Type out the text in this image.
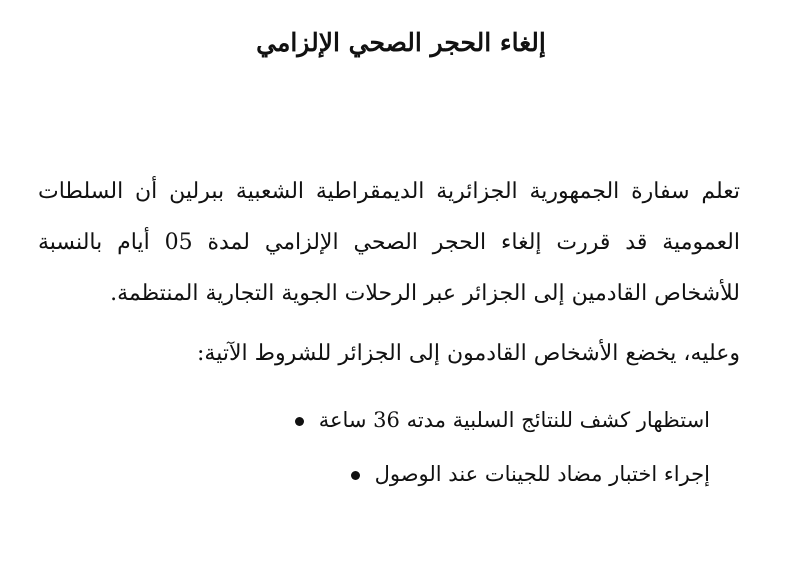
إلغاء الحجر الصحي الإلزامي

تعلم سفارة الجمهورية الجزائرية الديمقراطية الشعبية ببرلين أن السلطات العمومية قد قررت إلغاء الحجر الصحي الإلزامي لمدة 05 أيام بالنسبة للأشخاص القادمين إلى الجزائر عبر الرحلات الجوية التجارية المنتظمة.

وعليه، يخضع الأشخاص القادمون إلى الجزائر للشروط الآتية:

استظهار كشف للنتائج السلبية مدته 36 ساعة
إجراء اختبار مضاد للجينات عند الوصول
